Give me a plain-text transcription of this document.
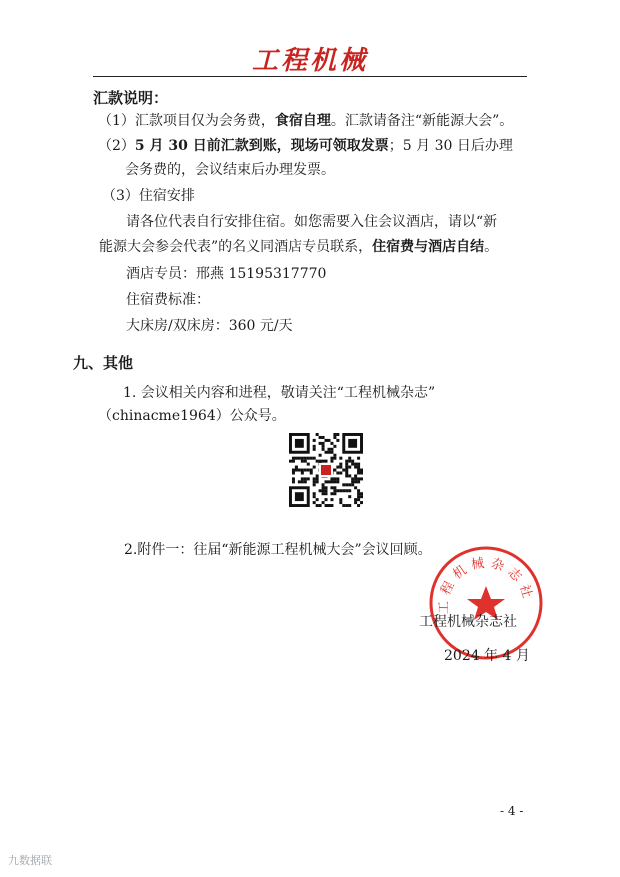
工程机械
汇款说明：
（1）汇款项目仅为会务费，食宿自理。汇款请备注“新能源大会”。
（2）5 月 30 日前汇款到账，现场可领取发票；5 月 30 日后办理
会务费的，会议结束后办理发票。
（3）住宿安排
请各位代表自行安排住宿。如您需要入住会议酒店，请以“新
能源大会参会代表”的名义同酒店专员联系，住宿费与酒店自结。
酒店专员：邢燕 15195317770
住宿费标准：
大床房/双床房：360 元/天
九、其他
1. 会议相关内容和进程，敬请关注“工程机械杂志”
（chinacme1964）公众号。
2.附件一：往届“新能源工程机械大会”会议回顾。
工程机械杂志社
工程机械杂志社
2024 年 4 月
- 4 -
九数据联
